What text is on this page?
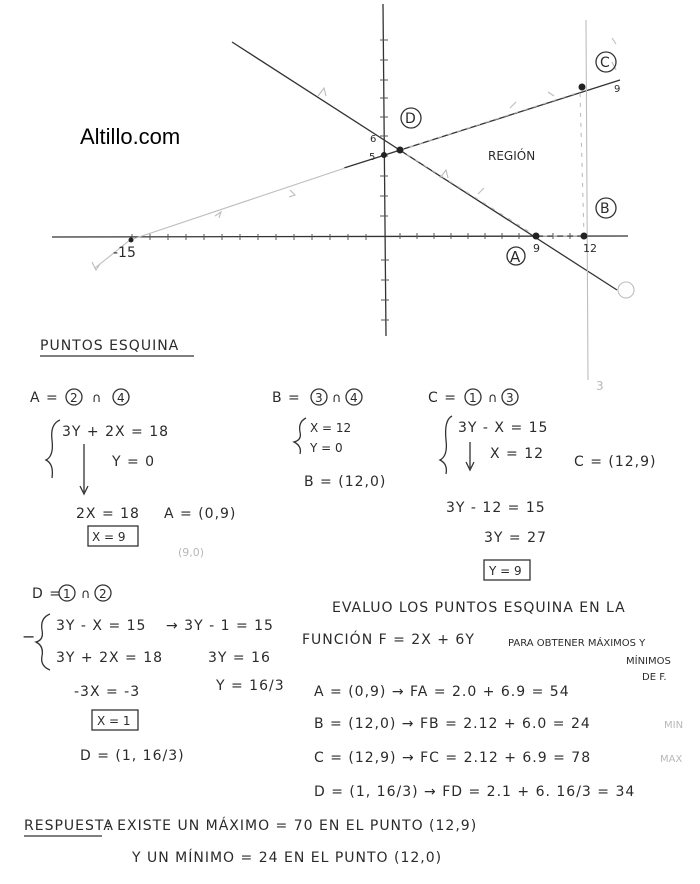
Altillo.com
A
B
C
D
-15	9	12
6
5
9
REGIÓN
3
PUNTOS ESQUINA
A = 2 ∩ 4
3Y + 2X = 18
Y = 0
2X = 18 A = (0,9)
X = 9
(9,0)
B = 3 ∩ 4
X = 12
Y = 0
B = (12,0)
C = 1 ∩ 3
3Y - X = 15
X = 12 C = (12,9)
3Y - 12 = 15
3Y = 27
Y = 9
D = 1 ∩ 2
−
3Y - X = 15
3Y + 2X = 18
→ 3Y - 1 = 15
3Y = 16
Y = 16/3
-3X = -3
X = 1
D = (1, 16/3)
EVALUO LOS PUNTOS ESQUINA EN LA
FUNCIÓN F = 2X + 6Y	PARA OBTENER MÁXIMOS Y
MÍNIMOS
DE F.
A = (0,9) → FA = 2.0 + 6.9 = 54
B = (12,0) → FB = 2.12 + 6.0 = 24	MIN
C = (12,9) → FC = 2.12 + 6.9 = 78	MAX
D = (1, 16/3) → FD = 2.1 + 6. 16/3 = 34
RESPUESTA
: EXISTE UN MÁXIMO = 70 EN EL PUNTO (12,9)
Y UN MÍNIMO = 24 EN EL PUNTO (12,0)
